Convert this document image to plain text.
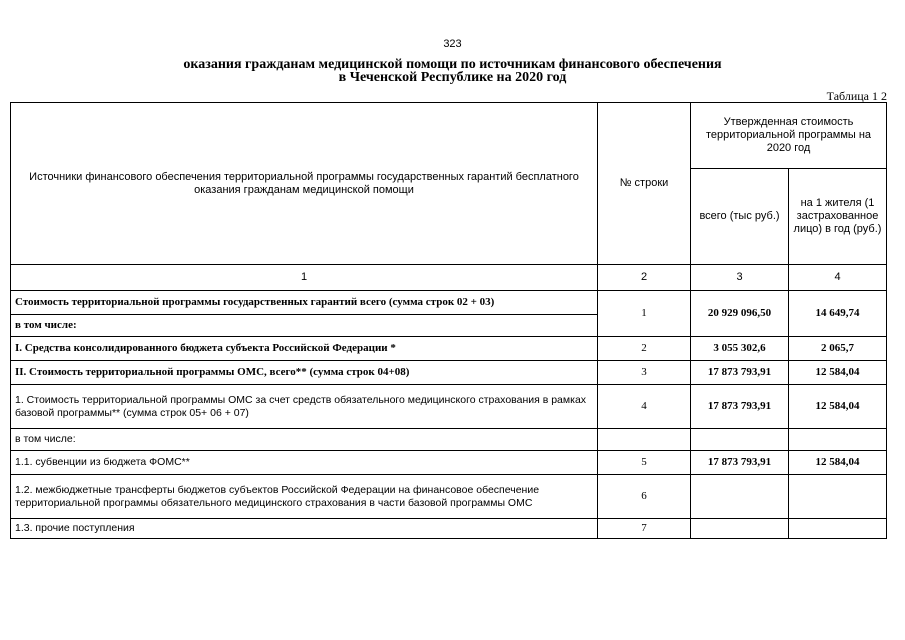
323
оказания гражданам медицинской помощи по источникам финансового обеспечения
в Чеченской Республике на 2020 год
Таблица 1 2
Источники финансового обеспечения территориальной программы государственных гарантий бесплатного оказания гражданам медицинской помощи	№ строки	Утвержденная стоимость территориальной программы на 2020 год	
		всего (тыс руб.)	на 1 жителя (1 застрахованное лицо) в год (руб.)
1	2	3	4
Стоимость территориальной программы государственных гарантий всего (сумма строк 02 + 03)	1	20 929 096,50	14 649,74
в том числе:			
I. Средства консолидированного бюджета субъекта Российской Федерации *	2	3 055 302,6	2 065,7
II. Стоимость территориальной программы ОМС, всего** (сумма строк 04+08)	3	17 873 793,91	12 584,04
1. Стоимость территориальной программы ОМС за счет средств обязательного медицинского страхования в рамках базовой программы** (сумма строк 05+ 06 + 07)	4	17 873 793,91	12 584,04
в том числе:			
1.1. субвенции из бюджета ФОМС**	5	17 873 793,91	12 584,04
1.2. межбюджетные трансферты бюджетов субъектов Российской Федерации на финансовое обеспечение территориальной программы обязательного медицинского страхования в части базовой программы ОМС	6		
1.3. прочие поступления	7		
